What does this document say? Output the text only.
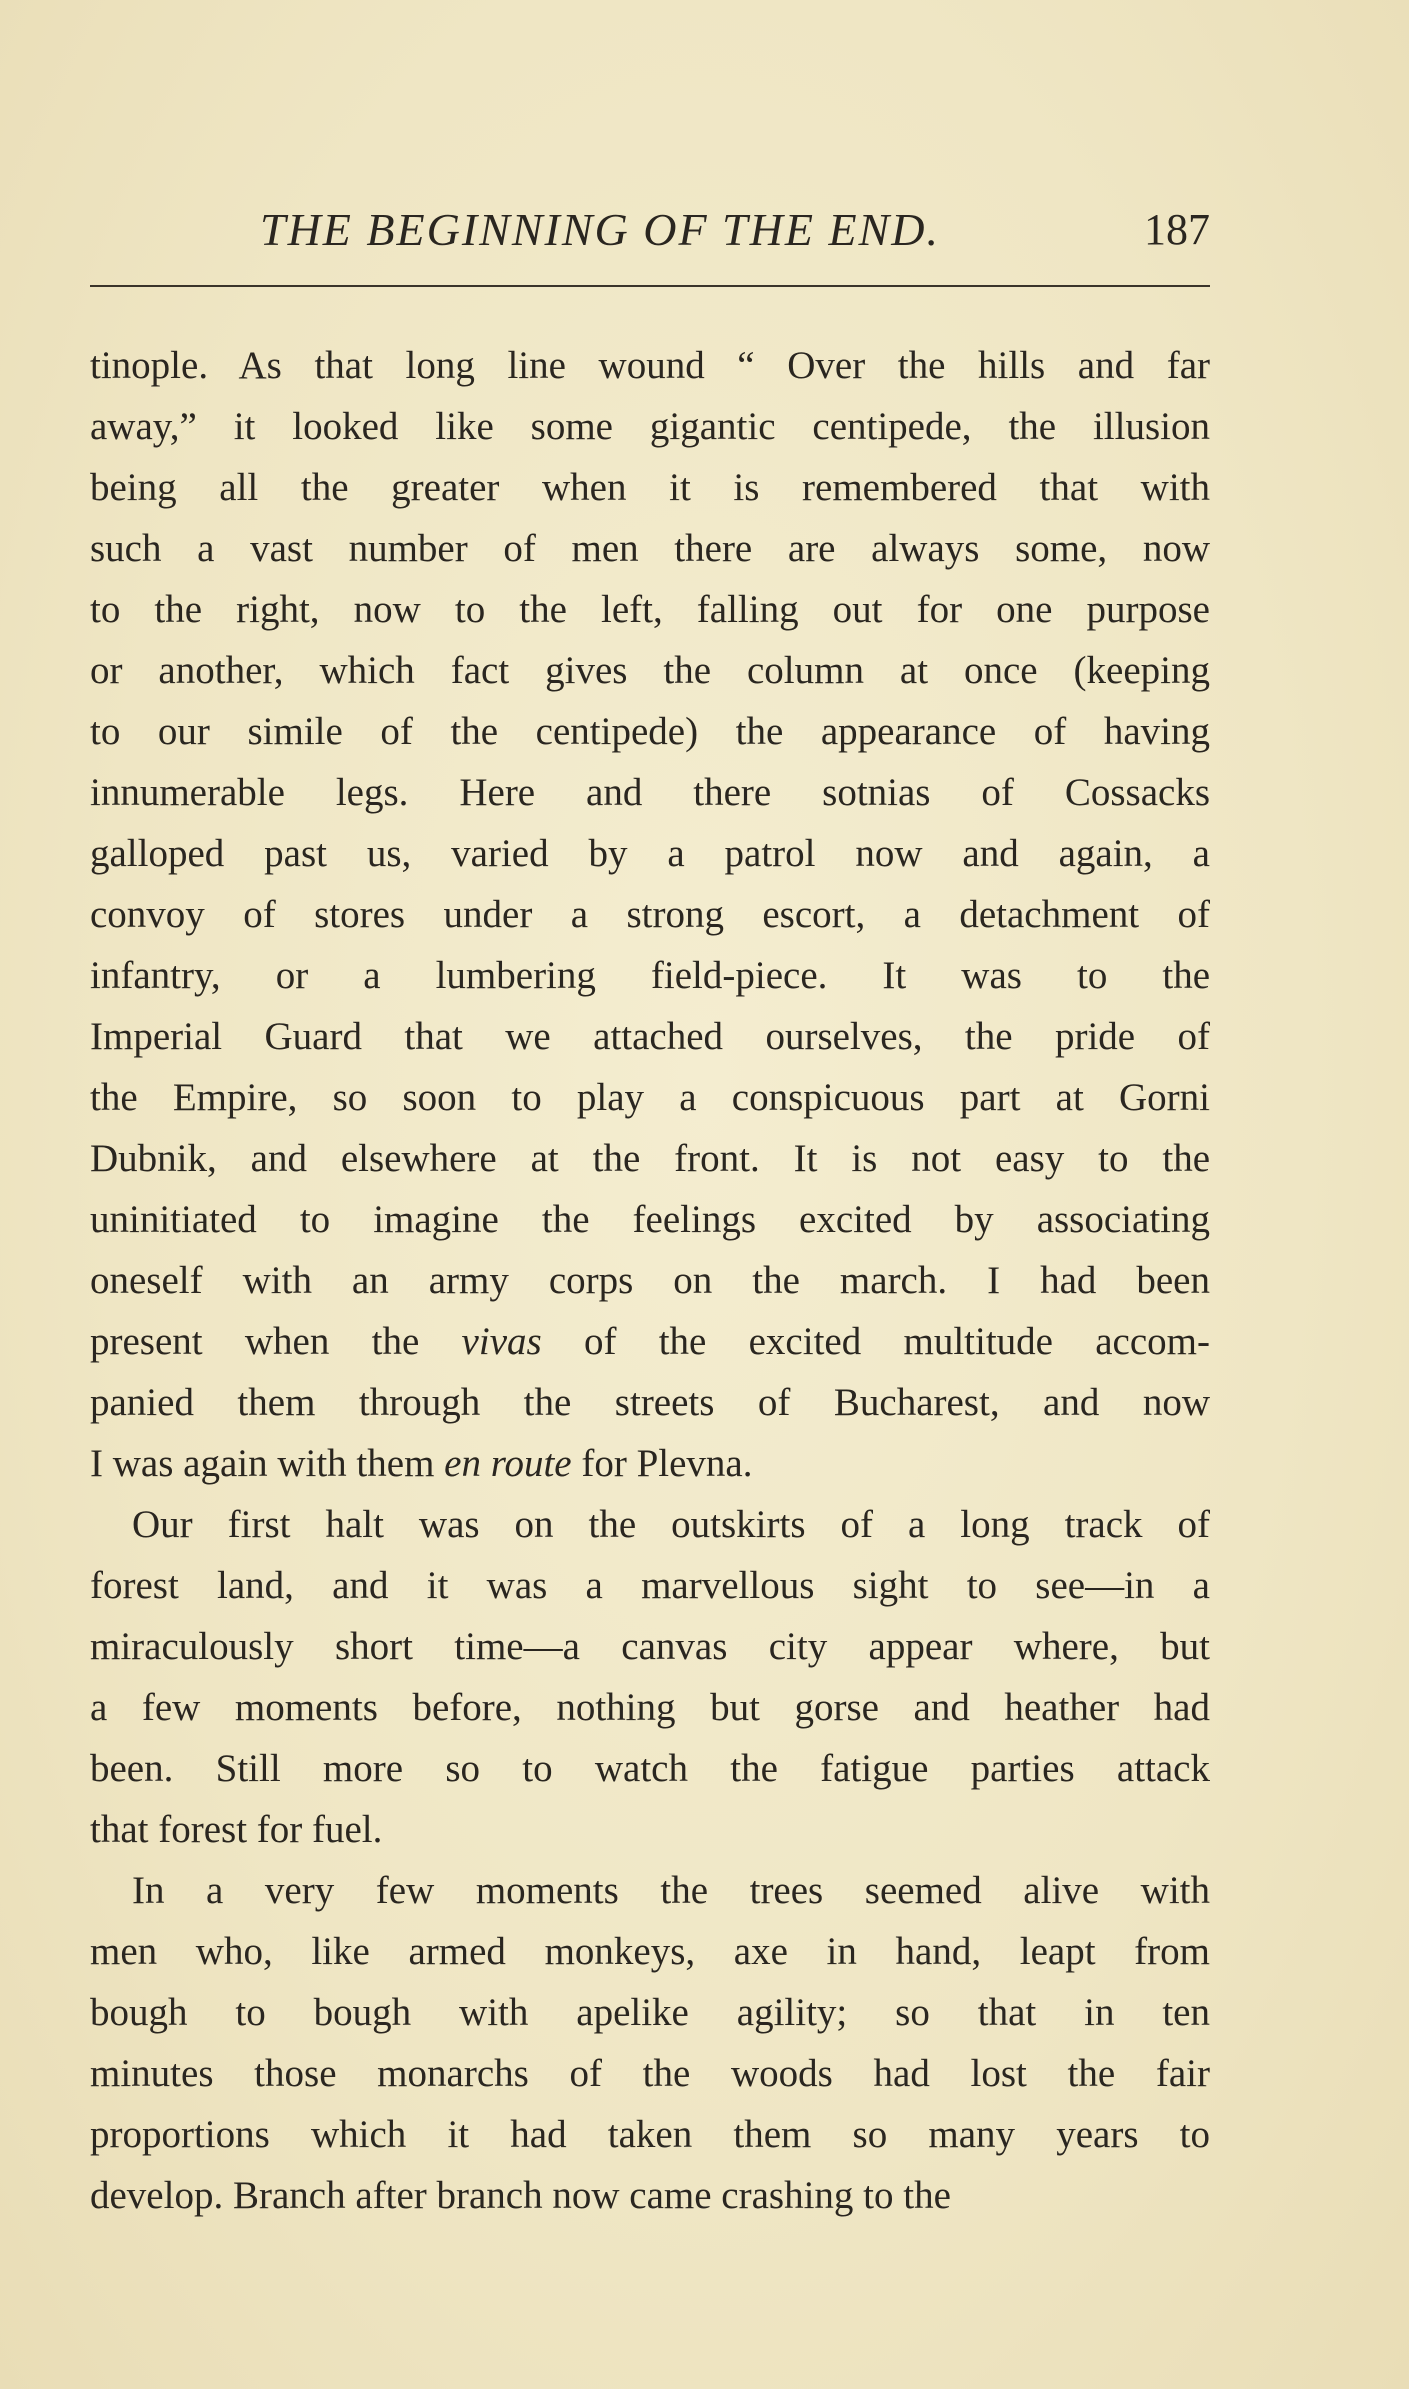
THE BEGINNING OF THE END.	187
tinople. As that long line wound “ Over the hills and far
away,” it looked like some gigantic centipede, the illusion
being all the greater when it is remembered that with
such a vast number of men there are always some, now
to the right, now to the left, falling out for one purpose
or another, which fact gives the column at once (keeping
to our simile of the centipede) the appearance of having
innumerable legs. Here and there sotnias of Cossacks
galloped past us, varied by a patrol now and again, a
convoy of stores under a strong escort, a detachment of
infantry, or a lumbering field-piece. It was to the
Imperial Guard that we attached ourselves, the pride of
the Empire, so soon to play a conspicuous part at Gorni
Dubnik, and elsewhere at the front. It is not easy to the
uninitiated to imagine the feelings excited by associating
oneself with an army corps on the march. I had been
present when the vivas of the excited multitude accom-
panied them through the streets of Bucharest, and now
I was again with them en route for Plevna.
Our first halt was on the outskirts of a long track of
forest land, and it was a marvellous sight to see—in a
miraculously short time—a canvas city appear where, but
a few moments before, nothing but gorse and heather had
been. Still more so to watch the fatigue parties attack
that forest for fuel.
In a very few moments the trees seemed alive with
men who, like armed monkeys, axe in hand, leapt from
bough to bough with apelike agility; so that in ten
minutes those monarchs of the woods had lost the fair
proportions which it had taken them so many years to
develop. Branch after branch now came crashing to the
